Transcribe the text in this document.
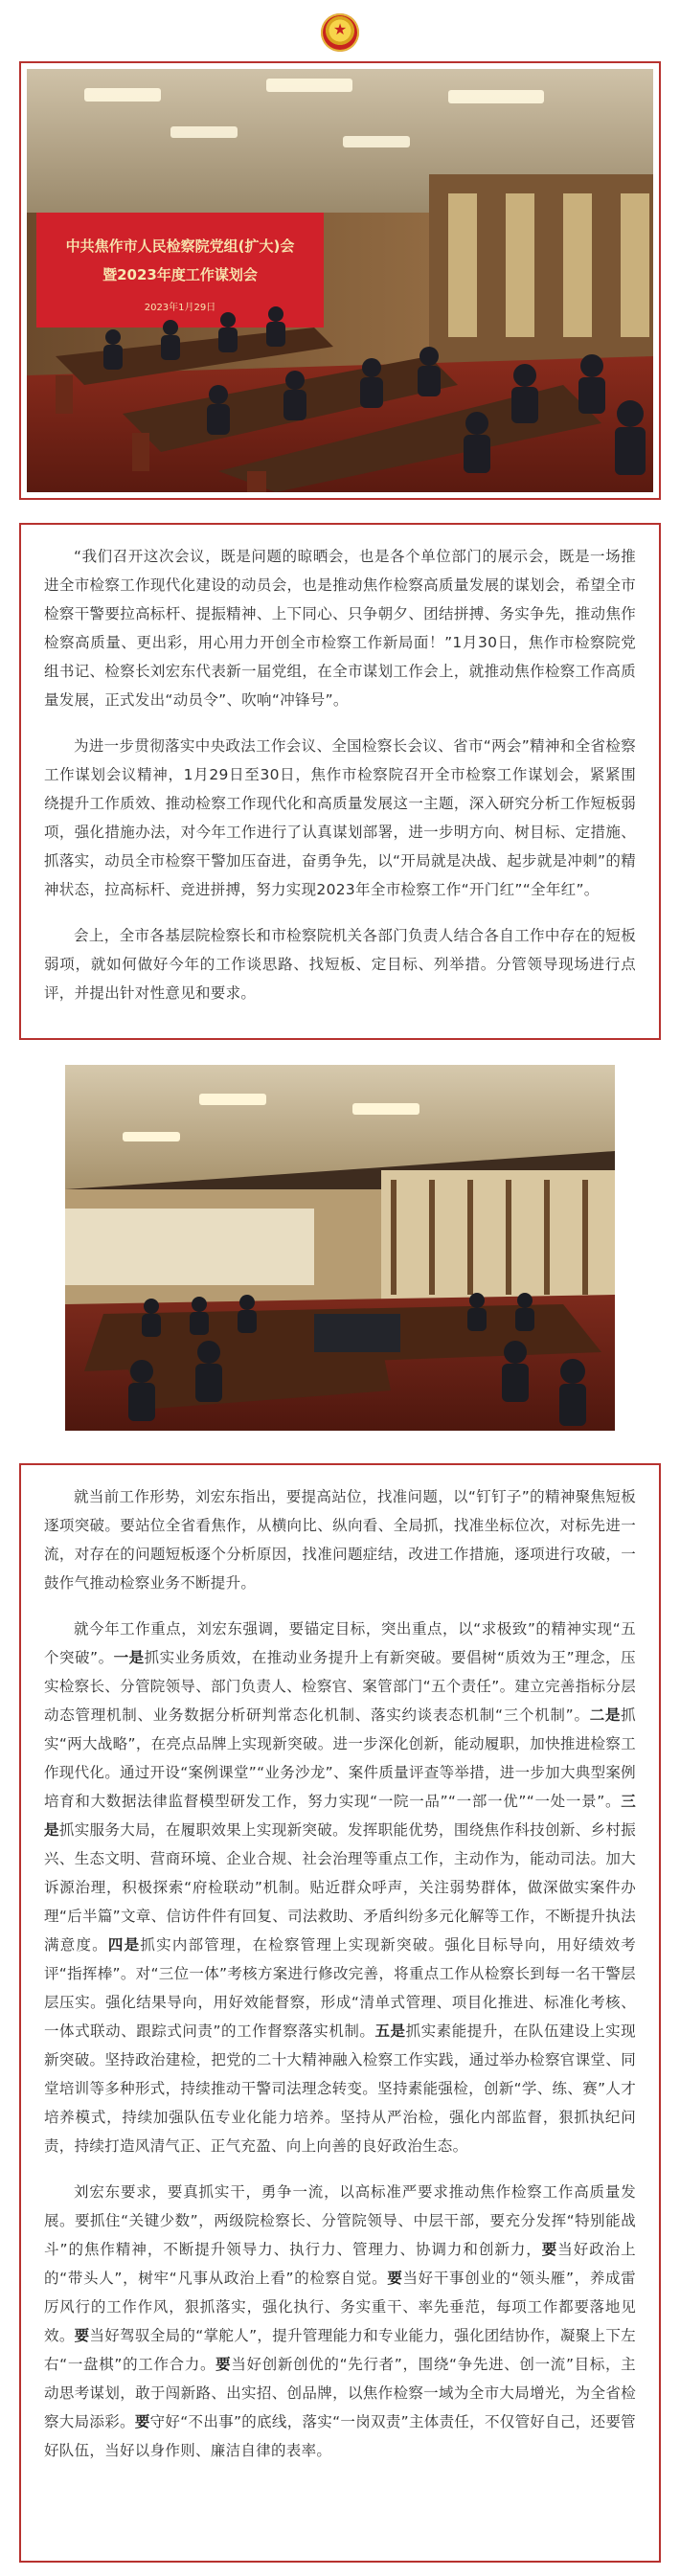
★
中共焦作市人民检察院党组(扩大)会
暨2023年度工作谋划会
2023年1月29日

“我们召开这次会议，既是问题的晾晒会，也是各个单位部门的展示会，既是一场推进全市检察工作现代化建设的动员会，也是推动焦作检察高质量发展的谋划会，希望全市检察干警要拉高标杆、提振精神、上下同心、只争朝夕、团结拼搏、务实争先，推动焦作检察高质量、更出彩，用心用力开创全市检察工作新局面！”1月30日，焦作市检察院党组书记、检察长刘宏东代表新一届党组，在全市谋划工作会上，就推动焦作检察工作高质量发展，正式发出“动员令”、吹响“冲锋号”。

为进一步贯彻落实中央政法工作会议、全国检察长会议、省市“两会”精神和全省检察工作谋划会议精神，1月29日至30日，焦作市检察院召开全市检察工作谋划会，紧紧围绕提升工作质效、推动检察工作现代化和高质量发展这一主题，深入研究分析工作短板弱项，强化措施办法，对今年工作进行了认真谋划部署，进一步明方向、树目标、定措施、抓落实，动员全市检察干警加压奋进，奋勇争先，以“开局就是决战、起步就是冲刺”的精神状态，拉高标杆、竞进拼搏，努力实现2023年全市检察工作“开门红”“全年红”。

会上，全市各基层院检察长和市检察院机关各部门负责人结合各自工作中存在的短板弱项，就如何做好今年的工作谈思路、找短板、定目标、列举措。分管领导现场进行点评，并提出针对性意见和要求。

就当前工作形势，刘宏东指出，要提高站位，找准问题，以“钉钉子”的精神聚焦短板逐项突破。要站位全省看焦作，从横向比、纵向看、全局抓，找准坐标位次，对标先进一流，对存在的问题短板逐个分析原因，找准问题症结，改进工作措施，逐项进行攻破，一鼓作气推动检察业务不断提升。

就今年工作重点，刘宏东强调，要锚定目标，突出重点，以“求极致”的精神实现“五个突破”。一是抓实业务质效，在推动业务提升上有新突破。要倡树“质效为王”理念，压实检察长、分管院领导、部门负责人、检察官、案管部门“五个责任”。建立完善指标分层动态管理机制、业务数据分析研判常态化机制、落实约谈表态机制“三个机制”。二是抓实“两大战略”，在亮点品牌上实现新突破。进一步深化创新，能动履职，加快推进检察工作现代化。通过开设“案例课堂”“业务沙龙”、案件质量评查等举措，进一步加大典型案例培育和大数据法律监督模型研发工作，努力实现“一院一品”“一部一优”“一处一景”。三是抓实服务大局，在履职效果上实现新突破。发挥职能优势，围绕焦作科技创新、乡村振兴、生态文明、营商环境、企业合规、社会治理等重点工作，主动作为，能动司法。加大诉源治理，积极探索“府检联动”机制。贴近群众呼声，关注弱势群体，做深做实案件办理“后半篇”文章、信访件件有回复、司法救助、矛盾纠纷多元化解等工作，不断提升执法满意度。四是抓实内部管理，在检察管理上实现新突破。强化目标导向，用好绩效考评“指挥棒”。对“三位一体”考核方案进行修改完善，将重点工作从检察长到每一名干警层层压实。强化结果导向，用好效能督察，形成“清单式管理、项目化推进、标准化考核、一体式联动、跟踪式问责”的工作督察落实机制。五是抓实素能提升，在队伍建设上实现新突破。坚持政治建检，把党的二十大精神融入检察工作实践，通过举办检察官课堂、同堂培训等多种形式，持续推动干警司法理念转变。坚持素能强检，创新“学、练、赛”人才培养模式，持续加强队伍专业化能力培养。坚持从严治检，强化内部监督，狠抓执纪问责，持续打造风清气正、正气充盈、向上向善的良好政治生态。

刘宏东要求，要真抓实干，勇争一流，以高标准严要求推动焦作检察工作高质量发展。要抓住“关键少数”，两级院检察长、分管院领导、中层干部，要充分发挥“特别能战斗”的焦作精神，不断提升领导力、执行力、管理力、协调力和创新力，要当好政治上的“带头人”，树牢“凡事从政治上看”的检察自觉。要当好干事创业的“领头雁”，养成雷厉风行的工作作风，狠抓落实，强化执行、务实重干、率先垂范，每项工作都要落地见效。要当好驾驭全局的“掌舵人”，提升管理能力和专业能力，强化团结协作，凝聚上下左右“一盘棋”的工作合力。要当好创新创优的“先行者”，围绕“争先进、创一流”目标，主动思考谋划，敢于闯新路、出实招、创品牌，以焦作检察一域为全市大局增光，为全省检察大局添彩。要守好“不出事”的底线，落实“一岗双责”主体责任，不仅管好自己，还要管好队伍，当好以身作则、廉洁自律的表率。
